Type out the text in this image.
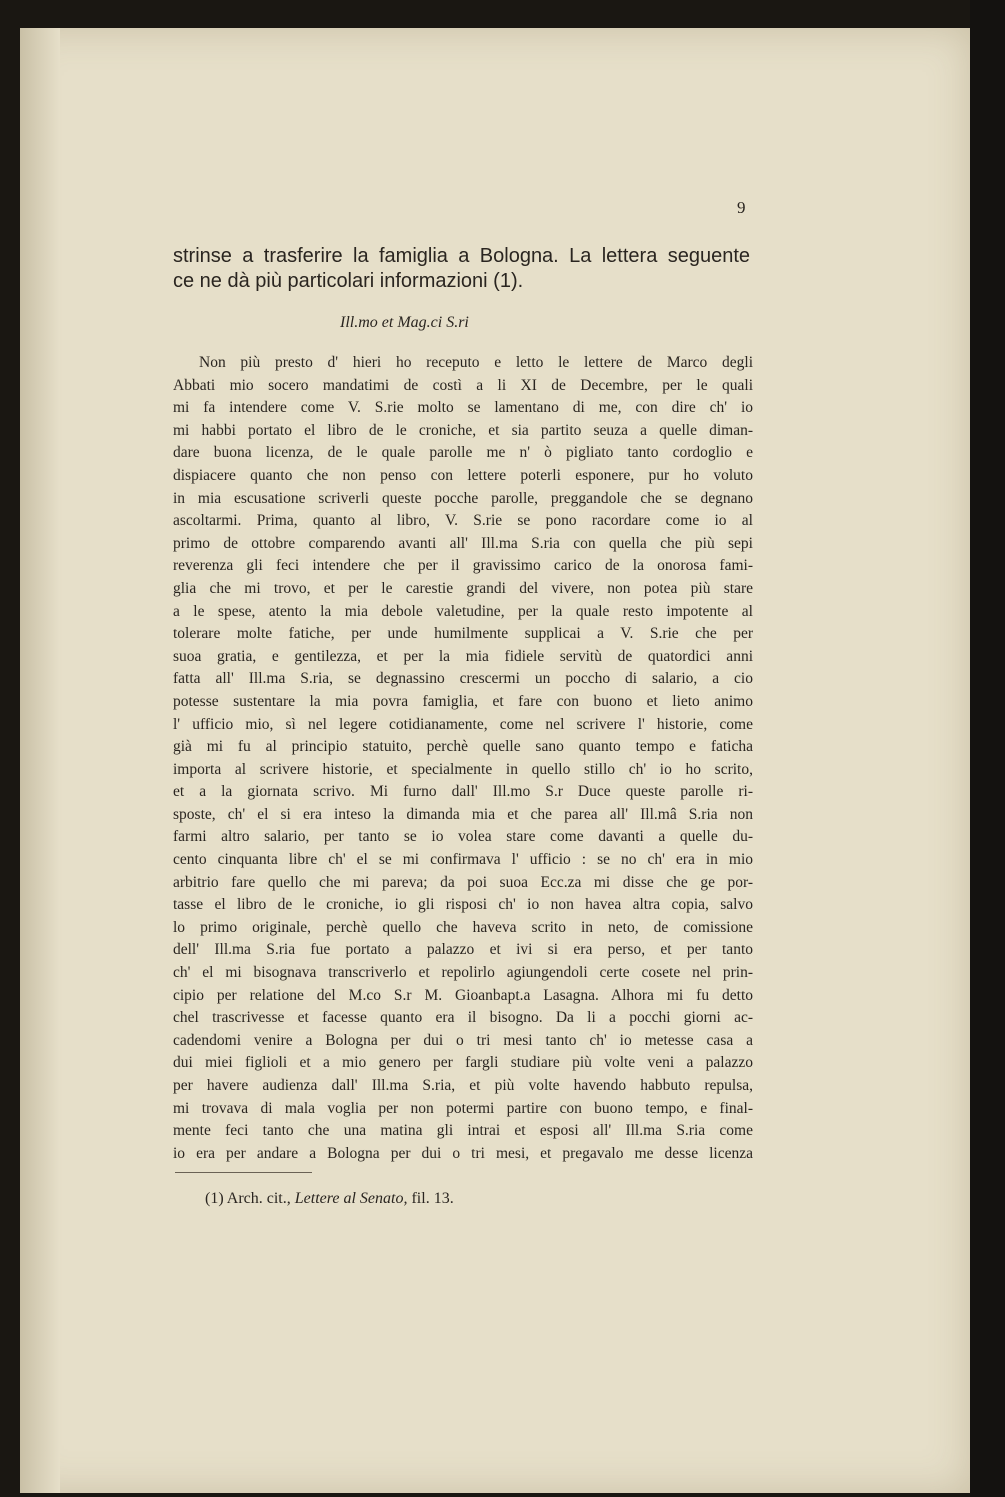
9
strinse a trasferire la famiglia a Bologna. La lettera seguente
ce ne dà più particolari informazioni (1).
Ill.mo et Mag.ci S.ri
Non più presto d' hieri ho receputo e letto le lettere de Marco degli
Abbati mio socero mandatimi de costì a li XI de Decembre, per le quali
mi fa intendere come V. S.rie molto se lamentano di me, con dire ch' io
mi habbi portato el libro de le croniche, et sia partito seuza a quelle diman-
dare buona licenza, de le quale parolle me n' ò pigliato tanto cordoglio e
dispiacere quanto che non penso con lettere poterli esponere, pur ho voluto
in mia escusatione scriverli queste pocche parolle, preggandole che se degnano
ascoltarmi. Prima, quanto al libro, V. S.rie se pono racordare come io al
primo de ottobre comparendo avanti all' Ill.ma S.ria con quella che più sepi
reverenza gli feci intendere che per il gravissimo carico de la onorosa fami-
glia che mi trovo, et per le carestie grandi del vivere, non potea più stare
a le spese, atento la mia debole valetudine, per la quale resto impotente al
tolerare molte fatiche, per unde humilmente supplicai a V. S.rie che per
suoa gratia, e gentilezza, et per la mia fidiele servitù de quatordici anni
fatta all' Ill.ma S.ria, se degnassino crescermi un poccho di salario, a cio
potesse sustentare la mia povra famiglia, et fare con buono et lieto animo
l' ufficio mio, sì nel legere cotidianamente, come nel scrivere l' historie, come
già mi fu al principio statuito, perchè quelle sano quanto tempo e faticha
importa al scrivere historie, et specialmente in quello stillo ch' io ho scrito,
et a la giornata scrivo. Mi furno dall' Ill.mo S.r Duce queste parolle ri-
sposte, ch' el si era inteso la dimanda mia et che parea all' Ill.mâ S.ria non
farmi altro salario, per tanto se io volea stare come davanti a quelle du-
cento cinquanta libre ch' el se mi confirmava l' ufficio : se no ch' era in mio
arbitrio fare quello che mi pareva; da poi suoa Ecc.za mi disse che ge por-
tasse el libro de le croniche, io gli risposi ch' io non havea altra copia, salvo
lo primo originale, perchè quello che haveva scrito in neto, de comissione
dell' Ill.ma S.ria fue portato a palazzo et ivi si era perso, et per tanto
ch' el mi bisognava transcriverlo et repolirlo agiungendoli certe cosete nel prin-
cipio per relatione del M.co S.r M. Gioanbapt.a Lasagna. Alhora mi fu detto
chel trascrivesse et facesse quanto era il bisogno. Da li a pocchi giorni ac-
cadendomi venire a Bologna per dui o tri mesi tanto ch' io metesse casa a
dui miei figlioli et a mio genero per fargli studiare più volte veni a palazzo
per havere audienza dall' Ill.ma S.ria, et più volte havendo habbuto repulsa,
mi trovava di mala voglia per non potermi partire con buono tempo, e final-
mente feci tanto che una matina gli intrai et esposi all' Ill.ma S.ria come
io era per andare a Bologna per dui o tri mesi, et pregavalo me desse licenza
(1) Arch. cit., Lettere al Senato, fil. 13.
